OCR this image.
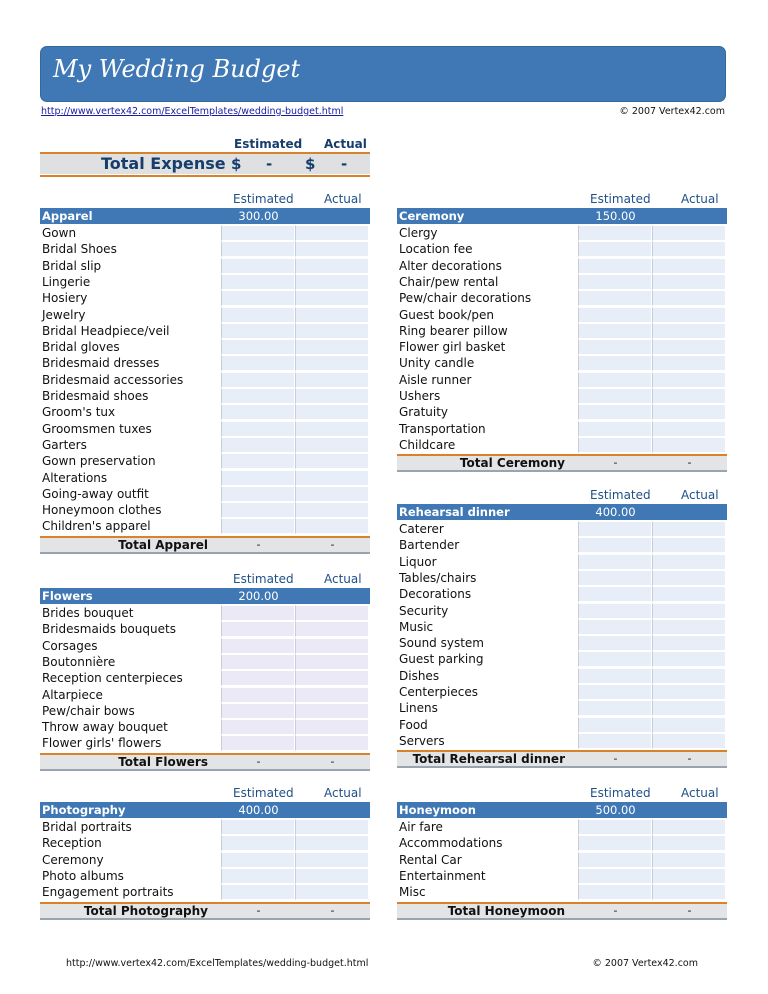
My Wedding Budget
http://www.vertex42.com/ExcelTemplates/wedding-budget.html	© 2007 Vertex42.com
Estimated Actual
Total Expense $ - $ -
Estimated	Actual
Apparel	300.00
Gown
Bridal Shoes
Bridal slip
Lingerie
Hosiery
Jewelry
Bridal Headpiece/veil
Bridal gloves
Bridesmaid dresses
Bridesmaid accessories
Bridesmaid shoes
Groom's tux
Groomsmen tuxes
Garters
Gown preservation
Alterations
Going-away outfit
Honeymoon clothes
Children's apparel
Total Apparel	-	-
Estimated	Actual
Flowers	200.00
Brides bouquet
Bridesmaids bouquets
Corsages
Boutonnière
Reception centerpieces
Altarpiece
Pew/chair bows
Throw away bouquet
Flower girls' flowers
Total Flowers	-	-
Estimated	Actual
Photography	400.00
Bridal portraits
Reception
Ceremony
Photo albums
Engagement portraits
Total Photography	-	-
Estimated	Actual
Ceremony	150.00
Clergy
Location fee
Alter decorations
Chair/pew rental
Pew/chair decorations
Guest book/pen
Ring bearer pillow
Flower girl basket
Unity candle
Aisle runner
Ushers
Gratuity
Transportation
Childcare
Total Ceremony	-	-
Estimated	Actual
Rehearsal dinner	400.00
Caterer
Bartender
Liquor
Tables/chairs
Decorations
Security
Music
Sound system
Guest parking
Dishes
Centerpieces
Linens
Food
Servers
Total Rehearsal dinner	-	-
Estimated	Actual
Honeymoon	500.00
Air fare
Accommodations
Rental Car
Entertainment
Misc
Total Honeymoon	-	-
http://www.vertex42.com/ExcelTemplates/wedding-budget.html	© 2007 Vertex42.com
